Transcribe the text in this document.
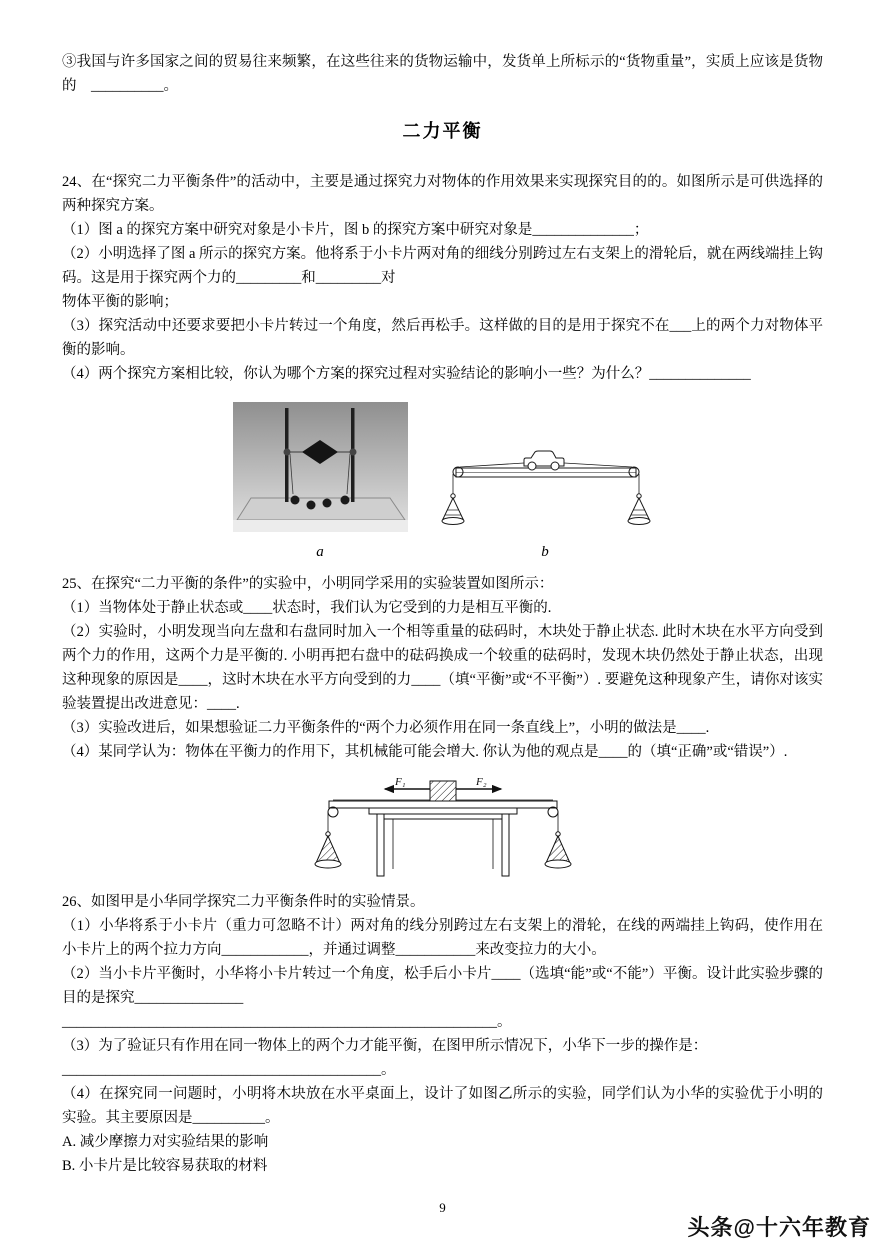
③我国与许多国家之间的贸易往来频繁，在这些往来的货物运输中，发货单上所标示的“货物重量”，实质上应该是货物的　__________。

二力平衡

24、在“探究二力平衡条件”的活动中，主要是通过探究力对物体的作用效果来实现探究目的的。如图所示是可供选择的两种探究方案。

（1）图 a 的探究方案中研究对象是小卡片，图 b 的探究方案中研究对象是______________；

（2）小明选择了图 a 所示的探究方案。他将系于小卡片两对角的细线分别跨过左右支架上的滑轮后，就在两线端挂上钩码。这是用于探究两个力的_________和_________对

物体平衡的影响；

（3）探究活动中还要求要把小卡片转过一个角度，然后再松手。这样做的目的是用于探究不在___上的两个力对物体平衡的影响。

（4）两个探究方案相比较，你认为哪个方案的探究过程对实验结论的影响小一些？为什么？______________

a	b

25、在探究“二力平衡的条件”的实验中，小明同学采用的实验装置如图所示：

（1）当物体处于静止状态或____状态时，我们认为它受到的力是相互平衡的.

（2）实验时，小明发现当向左盘和右盘同时加入一个相等重量的砝码时，木块处于静止状态. 此时木块在水平方向受到两个力的作用，这两个力是平衡的. 小明再把右盘中的砝码换成一个较重的砝码时，发现木块仍然处于静止状态，出现这种现象的原因是____，这时木块在水平方向受到的力____（填“平衡”或“不平衡”）. 要避免这种现象产生，请你对该实验装置提出改进意见：____.

（3）实验改进后，如果想验证二力平衡条件的“两个力必须作用在同一条直线上”，小明的做法是____.

（4）某同学认为：物体在平衡力的作用下，其机械能可能会增大. 你认为他的观点是____的（填“正确”或“错误”）.

F₁	F₂

26、如图甲是小华同学探究二力平衡条件时的实验情景。

（1）小华将系于小卡片（重力可忽略不计）两对角的线分别跨过左右支架上的滑轮，在线的两端挂上钩码，使作用在小卡片上的两个拉力方向____________，并通过调整___________来改变拉力的大小。

（2）当小卡片平衡时，小华将小卡片转过一个角度，松手后小卡片____（选填“能”或“不能”）平衡。设计此实验步骤的目的是探究_______________

____________________________________________________________。

（3）为了验证只有作用在同一物体上的两个力才能平衡，在图甲所示情况下，小华下一步的操作是：

____________________________________________。

（4）在探究同一问题时，小明将木块放在水平桌面上，设计了如图乙所示的实验，同学们认为小华的实验优于小明的实验。其主要原因是__________。

A. 减少摩擦力对实验结果的影响

B. 小卡片是比较容易获取的材料

9
头条@十六年教育
